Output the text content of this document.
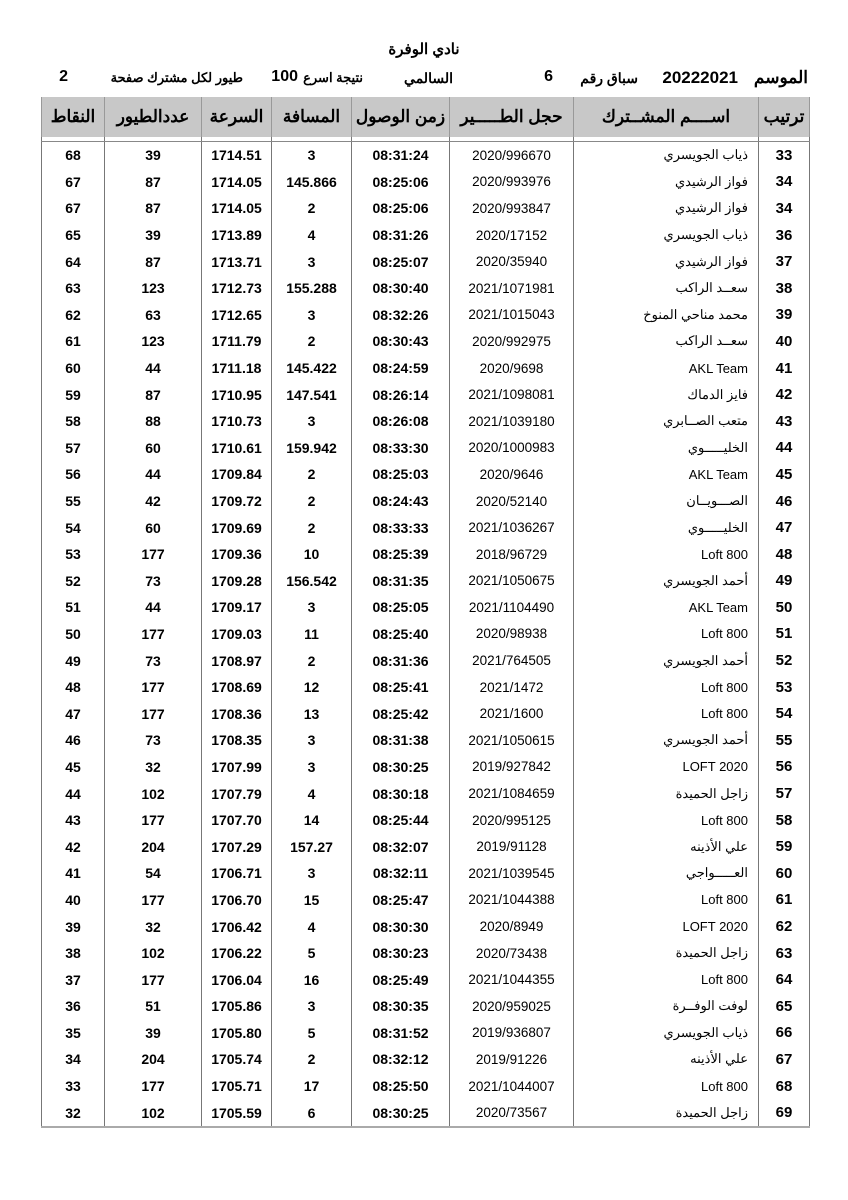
نادي الوفرة
الموسم
20222021
سباق رقم
6
السالمي
نتيجة اسرع
100
طيور لكل مشترك صفحة
2
ترتيب	اســــم المشــترك	حجل الطـــــير	زمن الوصول	المسافة	السرعة	عددالطيور	النقاط

33	ذياب الجويسري	2020/996670	08:31:24	3	1714.51	39	68
34	فواز الرشيدي	2020/993976	08:25:06	145.866	1714.05	87	67
34	فواز الرشيدي	2020/993847	08:25:06	2	1714.05	87	67
36	ذياب الجويسري	2020/17152	08:31:26	4	1713.89	39	65
37	فواز الرشيدي	2020/35940	08:25:07	3	1713.71	87	64
38	سعــد الراكب	2021/1071981	08:30:40	155.288	1712.73	123	63
39	محمد مناحي المنوخ	2021/1015043	08:32:26	3	1712.65	63	62
40	سعــد الراكب	2020/992975	08:30:43	2	1711.79	123	61
41	AKL Team	2020/9698	08:24:59	145.422	1711.18	44	60
42	فايز الدماك	2021/1098081	08:26:14	147.541	1710.95	87	59
43	متعب الصــابري	2021/1039180	08:26:08	3	1710.73	88	58
44	الخليـــــوي	2020/1000983	08:33:30	159.942	1710.61	60	57
45	AKL Team	2020/9646	08:25:03	2	1709.84	44	56
46	الصـــويــان	2020/52140	08:24:43	2	1709.72	42	55
47	الخليـــــوي	2021/1036267	08:33:33	2	1709.69	60	54
48	Loft 800	2018/96729	08:25:39	10	1709.36	177	53
49	أحمد الجويسري	2021/1050675	08:31:35	156.542	1709.28	73	52
50	AKL Team	2021/1104490	08:25:05	3	1709.17	44	51
51	Loft 800	2020/98938	08:25:40	11	1709.03	177	50
52	أحمد الجويسري	2021/764505	08:31:36	2	1708.97	73	49
53	Loft 800	2021/1472	08:25:41	12	1708.69	177	48
54	Loft 800	2021/1600	08:25:42	13	1708.36	177	47
55	أحمد الجويسري	2021/1050615	08:31:38	3	1708.35	73	46
56	LOFT 2020	2019/927842	08:30:25	3	1707.99	32	45
57	زاجل الحميدة	2021/1084659	08:30:18	4	1707.79	102	44
58	Loft 800	2020/995125	08:25:44	14	1707.70	177	43
59	علي الأذينه	2019/91128	08:32:07	157.27	1707.29	204	42
60	العـــــواجي	2021/1039545	08:32:11	3	1706.71	54	41
61	Loft 800	2021/1044388	08:25:47	15	1706.70	177	40
62	LOFT 2020	2020/8949	08:30:30	4	1706.42	32	39
63	زاجل الحميدة	2020/73438	08:30:23	5	1706.22	102	38
64	Loft 800	2021/1044355	08:25:49	16	1706.04	177	37
65	لوفت الوفــرة	2020/959025	08:30:35	3	1705.86	51	36
66	ذياب الجويسري	2019/936807	08:31:52	5	1705.80	39	35
67	علي الأذينه	2019/91226	08:32:12	2	1705.74	204	34
68	Loft 800	2021/1044007	08:25:50	17	1705.71	177	33
69	زاجل الحميدة	2020/73567	08:30:25	6	1705.59	102	32
